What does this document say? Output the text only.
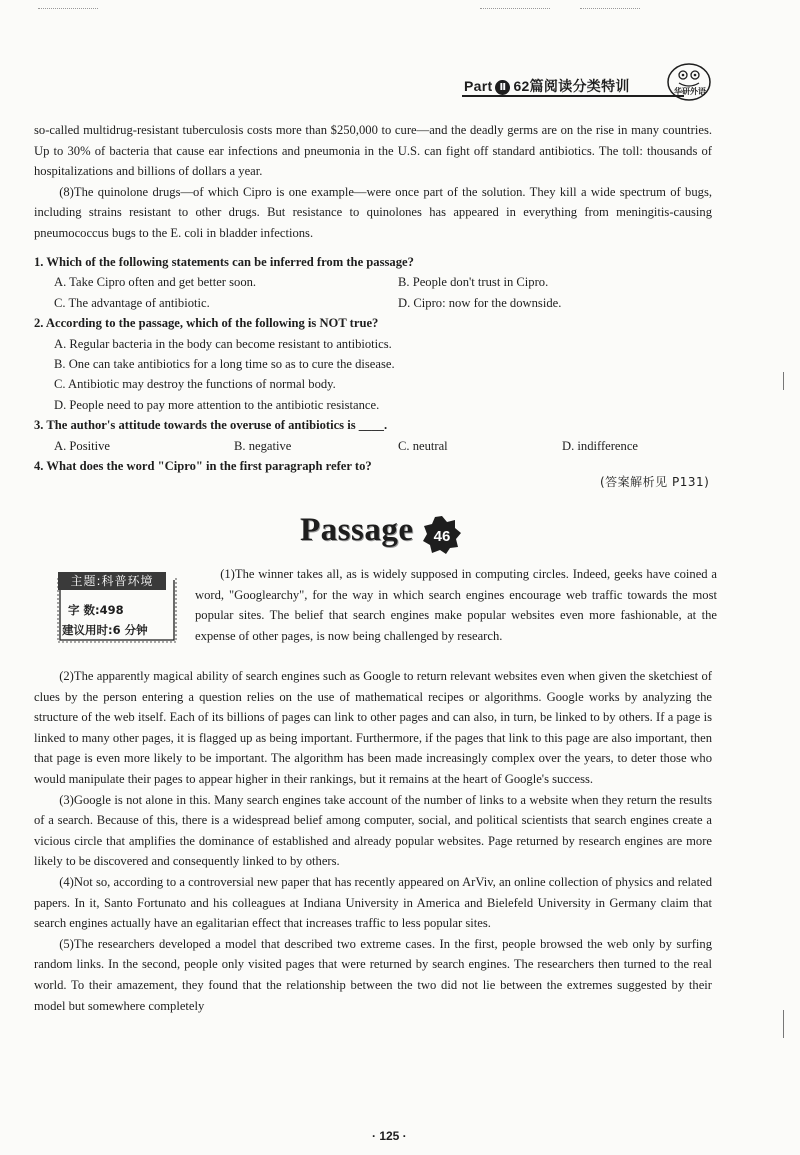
Part Ⅱ 62篇阅读分类特训	华研外语

so-called multidrug-resistant tuberculosis costs more than $250,000 to cure—and the deadly germs are on the rise in many countries. Up to 30% of bacteria that cause ear infections and pneumonia in the U.S. can fight off standard antibiotics. The toll: thousands of hospitalizations and billions of dollars a year.

(8)The quinolone drugs—of which Cipro is one example—were once part of the solution. They kill a wide spectrum of bugs, including strains resistant to other drugs. But resistance to quinolones has appeared in everything from meningitis-causing pneumococcus bugs to the E. coli in bladder infections.

1. Which of the following statements can be inferred from the passage?

A. Take Cipro often and get better soon.	B. People don't trust in Cipro.
C. The advantage of antibiotic.	D. Cipro: now for the downside.

2. According to the passage, which of the following is NOT true?

A. Regular bacteria in the body can become resistant to antibiotics.

B. One can take antibiotics for a long time so as to cure the disease.

C. Antibiotic may destroy the functions of normal body.

D. People need to pay more attention to the antibiotic resistance.

3. The author's attitude towards the overuse of antibiotics is ____.

A. Positive	B. negative	C. neutral	D. indifference

4. What does the word "Cipro" in the first paragraph refer to?

(答案解析见 P131)
Passage 46
主题:科普环境
字 数:498
建议用时:6 分钟

(1)The winner takes all, as is widely supposed in computing circles. Indeed, geeks have coined a word, "Googlearchy", for the way in which search engines encourage web traffic towards the most popular sites. The belief that search engines make popular websites even more fashionable, at the expense of other pages, is now being challenged by research.

(2)The apparently magical ability of search engines such as Google to return relevant websites even when given the sketchiest of clues by the person entering a question relies on the use of mathematical recipes or algorithms. Google works by analyzing the structure of the web itself. Each of its billions of pages can link to other pages and can also, in turn, be linked to by others. If a page is linked to many other pages, it is flagged up as being important. Furthermore, if the pages that link to this page are also important, then that page is even more likely to be important. The algorithm has been made increasingly complex over the years, to deter those who would manipulate their pages to appear higher in their rankings, but it remains at the heart of Google's success.

(3)Google is not alone in this. Many search engines take account of the number of links to a website when they return the results of a search. Because of this, there is a widespread belief among computer, social, and political scientists that search engines create a vicious circle that amplifies the dominance of established and already popular websites. Page returned by research engines are more likely to be discovered and consequently linked to by others.

(4)Not so, according to a controversial new paper that has recently appeared on ArViv, an online collection of physics and related papers. In it, Santo Fortunato and his colleagues at Indiana University in America and Bielefeld University in Germany claim that search engines actually have an egalitarian effect that increases traffic to less popular sites.

(5)The researchers developed a model that described two extreme cases. In the first, people browsed the web only by surfing random links. In the second, people only visited pages that were returned by search engines. The researchers then turned to the real world. To their amazement, they found that the relationship between the two did not lie between the extremes suggested by their model but somewhere completely

· 125 ·
